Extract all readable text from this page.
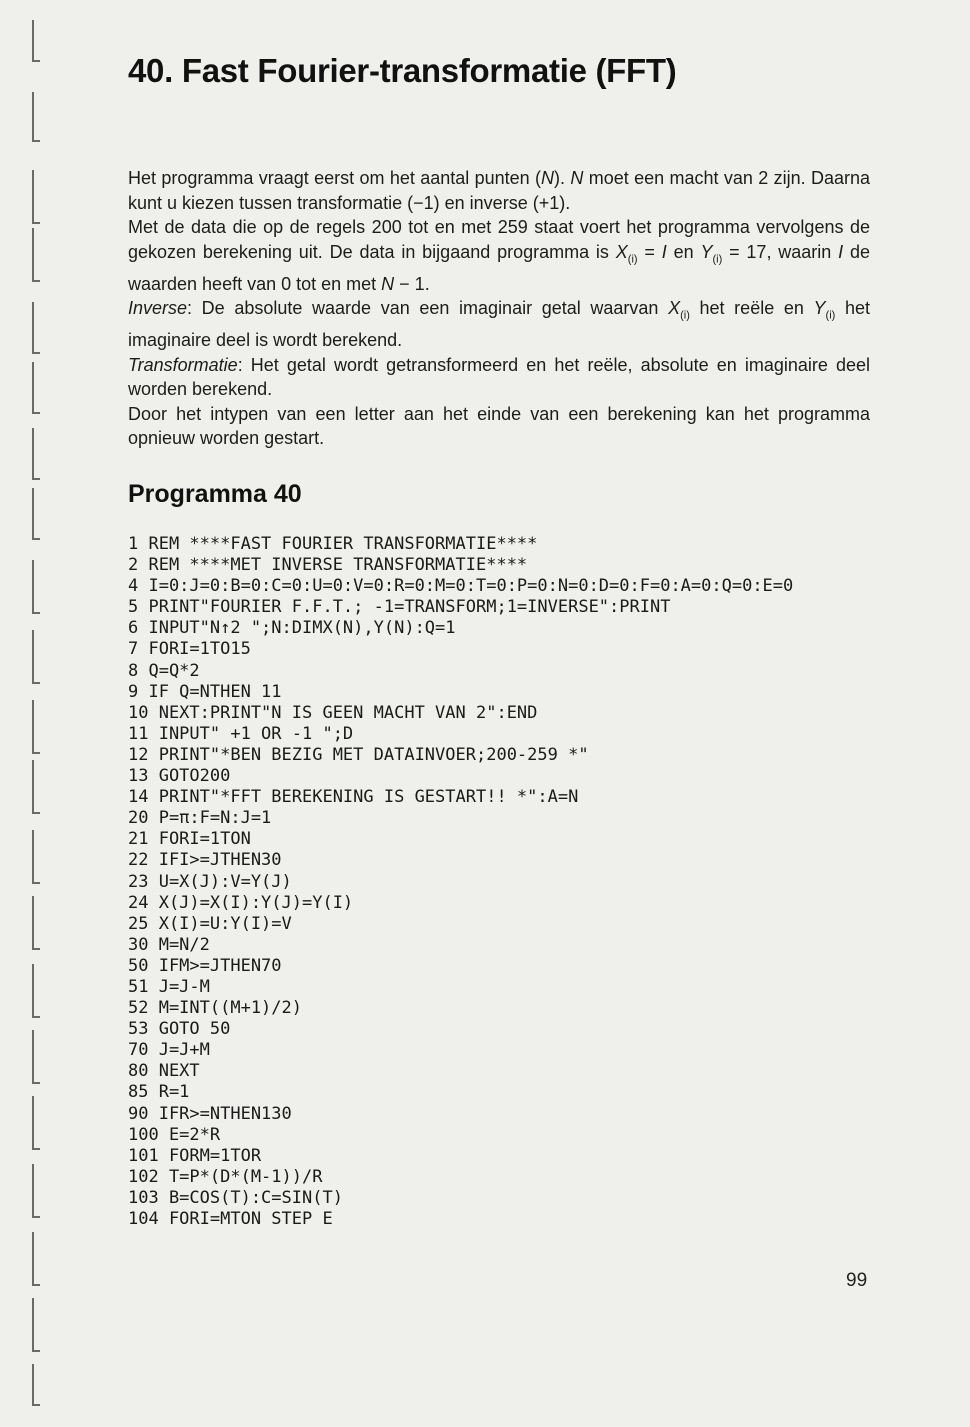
40. Fast Fourier-transformatie (FFT)

Het programma vraagt eerst om het aantal punten (N). N moet een macht van 2 zijn. Daarna kunt u kiezen tussen transformatie (−1) en inverse (+1).

Met de data die op de regels 200 tot en met 259 staat voert het programma vervolgens de gekozen berekening uit. De data in bijgaand programma is $X_{(i)} = I$ en $Y_{(i)} = 17$, waarin I de waarden heeft van 0 tot en met N − 1.

Inverse: De absolute waarde van een imaginair getal waarvan $X_{(i)}$ het reële en $Y_{(i)}$ het imaginaire deel is wordt berekend.

Transformatie: Het getal wordt getransformeerd en het reële, absolute en imaginaire deel worden berekend.

Door het intypen van een letter aan het einde van een berekening kan het programma opnieuw worden gestart.

Programma 40
1 REM ****FAST FOURIER TRANSFORMATIE****
2 REM ****MET INVERSE TRANSFORMATIE****
4 I=0:J=0:B=0:C=0:U=0:V=0:R=0:M=0:T=0:P=0:N=0:D=0:F=0:A=0:Q=0:E=0
5 PRINT"FOURIER F.F.T.; -1=TRANSFORM;1=INVERSE":PRINT
6 INPUT"N↑2 ";N:DIMX(N),Y(N):Q=1
7 FORI=1TO15
8 Q=Q*2
9 IF Q=NTHEN 11
10 NEXT:PRINT"N IS GEEN MACHT VAN 2":END
11 INPUT" +1 OR -1 ";D
12 PRINT"*BEN BEZIG MET DATAINVOER;200-259 *"
13 GOTO200
14 PRINT"*FFT BEREKENING IS GESTART!! *":A=N
20 P=π:F=N:J=1
21 FORI=1TON
22 IFI>=JTHEN30
23 U=X(J):V=Y(J)
24 X(J)=X(I):Y(J)=Y(I)
25 X(I)=U:Y(I)=V
30 M=N/2
50 IFM>=JTHEN70
51 J=J-M
52 M=INT((M+1)/2)
53 GOTO 50
70 J=J+M
80 NEXT
85 R=1
90 IFR>=NTHEN130
100 E=2*R
101 FORM=1TOR
102 T=P*(D*(M-1))/R
103 B=COS(T):C=SIN(T)
104 FORI=MTON STEP E
99
